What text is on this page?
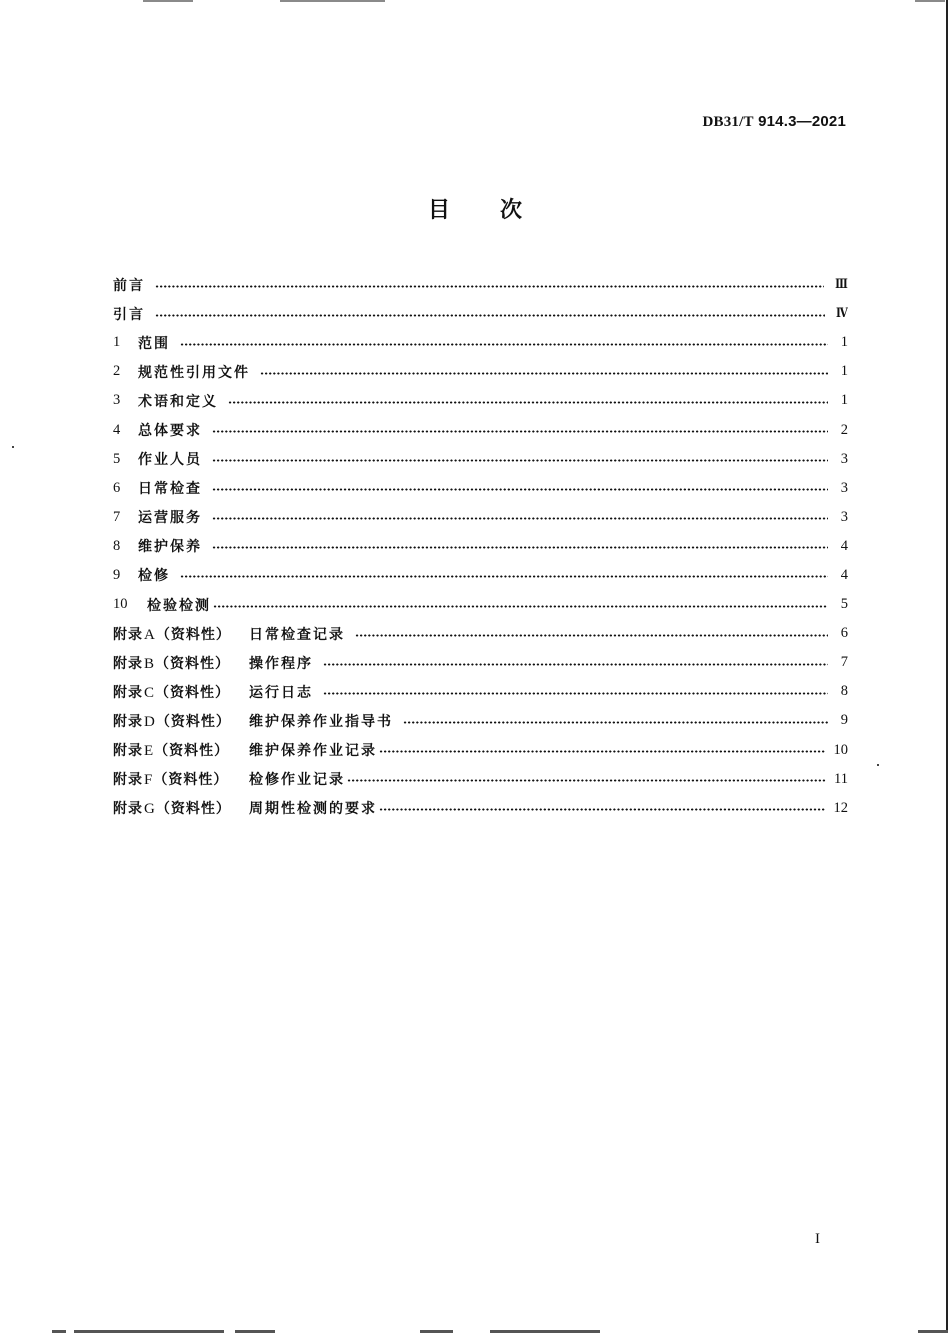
DB31/T 914.3—2021
目 次
前言	Ⅲ
引言	Ⅳ
1	范围	1
2	规范性引用文件	1
3	术语和定义	1
4	总体要求	2
5	作业人员	3
6	日常检查	3
7	运营服务	3
8	维护保养	4
9	检修	4
10	检验检测	5
附录A（资料性）	日常检查记录	6
附录B（资料性）	操作程序	7
附录C（资料性）	运行日志	8
附录D（资料性）	维护保养作业指导书	9
附录E（资料性）	维护保养作业记录	10
附录F（资料性）	检修作业记录	11
附录G（资料性）	周期性检测的要求	12
I
